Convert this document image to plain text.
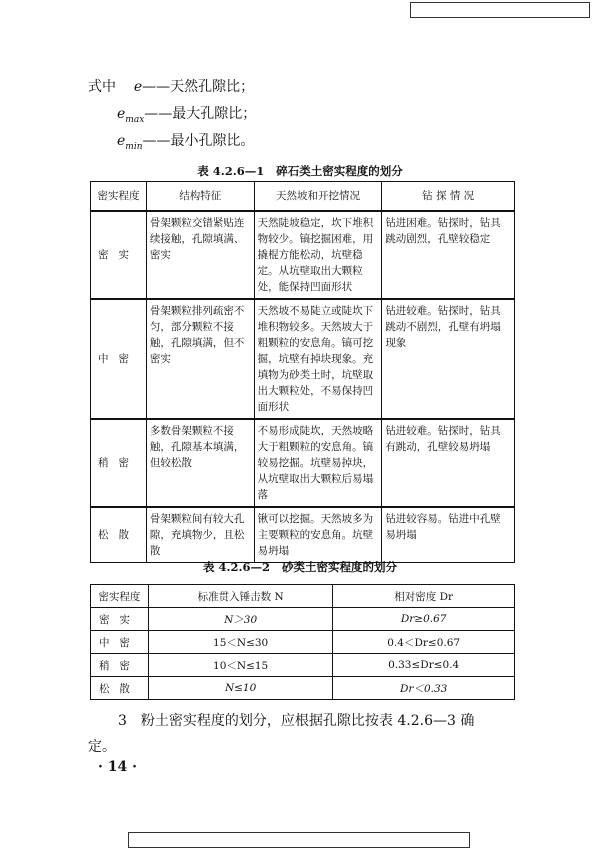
式中 e——天然孔隙比；
$e_{max}——$最大孔隙比；
$e_{min}——$最小孔隙比。
表 4.2.6—1 碎石类土密实程度的划分
密实程度	结构特征	天然坡和开挖情况	钻 探 情 况
密实	骨架颗粒交错紧贴连续接触，孔隙填满、密实	天然陡坡稳定，坎下堆积物较少。镐挖掘困难，用撬棍方能松动，坑壁稳定。从坑壁取出大颗粒处，能保持凹面形状	钻进困难。钻探时，钻具跳动剧烈，孔壁较稳定
中密	骨架颗粒排列疏密不匀，部分颗粒不接触，孔隙填满，但不密实	天然坡不易陡立或陡坎下堆积物较多。天然坡大于粗颗粒的安息角。镐可挖掘，坑壁有掉块现象。充填物为砂类土时，坑壁取出大颗粒处，不易保持凹面形状	钻进较难。钻探时，钻具跳动不剧烈，孔壁有坍塌现象
稍密	多数骨架颗粒不接触，孔隙基本填满，但较松散	不易形成陡坎，天然坡略大于粗颗粒的安息角。镐较易挖掘。坑壁易掉块，从坑壁取出大颗粒后易塌落	钻进较难。钻探时，钻具有跳动，孔壁较易坍塌
松散	骨架颗粒间有较大孔隙，充填物少，且松散	锹可以挖掘。天然坡多为主要颗粒的安息角。坑壁易坍塌	钻进较容易。钻进中孔壁易坍塌
表 4.2.6—2 砂类土密实程度的划分
密实程度	标准贯入锤击数 N	相对密度 Dr
密实	N＞30	Dr≥0.67
中密	15＜N≤30	0.4＜Dr≤0.67
稍密	10＜N≤15	0.33≤Dr≤0.4
松散	N≤10	Dr＜0.33
3　粉土密实程度的划分，应根据孔隙比按表 4.2.6—3 确
定。
· 14 ·
